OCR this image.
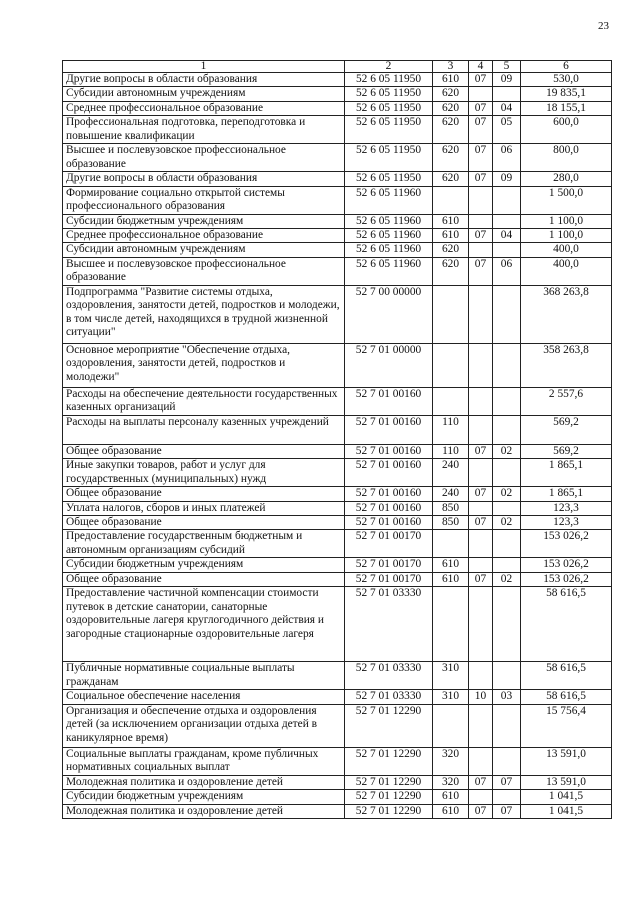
23
1	2	3	4	5	6
Другие вопросы в области образования	52 6 05 11950	610	07	09	530,0
Субсидии автономным учреждениям	52 6 05 11950	620			19 835,1
Среднее профессиональное образование	52 6 05 11950	620	07	04	18 155,1
Профессиональная подготовка, переподготовка и повышение квалификации	52 6 05 11950	620	07	05	600,0
Высшее и послевузовское профессиональное образование	52 6 05 11950	620	07	06	800,0
Другие вопросы в области образования	52 6 05 11950	620	07	09	280,0
Формирование социально открытой системы профессионального образования	52 6 05 11960				1 500,0
Субсидии бюджетным учреждениям	52 6 05 11960	610			1 100,0
Среднее профессиональное образование	52 6 05 11960	610	07	04	1 100,0
Субсидии автономным учреждениям	52 6 05 11960	620			400,0
Высшее и послевузовское профессиональное образование	52 6 05 11960	620	07	06	400,0
Подпрограмма "Развитие системы отдыха, оздоровления, занятости детей, подростков и молодежи, в том числе детей, находящихся в трудной жизненной ситуации"	52 7 00 00000				368 263,8
Основное мероприятие "Обеспечение отдыха, оздоровления, занятости детей, подростков и молодежи"	52 7 01 00000				358 263,8
Расходы на обеспечение деятельности государственных казенных организаций	52 7 01 00160				2 557,6
Расходы на выплаты персоналу казенных учреждений	52 7 01 00160	110			569,2
Общее образование	52 7 01 00160	110	07	02	569,2
Иные закупки товаров, работ и услуг для государственных (муниципальных) нужд	52 7 01 00160	240			1 865,1
Общее образование	52 7 01 00160	240	07	02	1 865,1
Уплата налогов, сборов и иных платежей	52 7 01 00160	850			123,3
Общее образование	52 7 01 00160	850	07	02	123,3
Предоставление государственным бюджетным и автономным организациям субсидий	52 7 01 00170				153 026,2
Субсидии бюджетным учреждениям	52 7 01 00170	610			153 026,2
Общее образование	52 7 01 00170	610	07	02	153 026,2
Предоставление частичной компенсации стоимости путевок в детские санатории, санаторные оздоровительные лагеря круглогодичного действия и загородные стационарные оздоровительные лагеря	52 7 01 03330				58 616,5
Публичные нормативные социальные выплаты гражданам	52 7 01 03330	310			58 616,5
Социальное обеспечение населения	52 7 01 03330	310	10	03	58 616,5
Организация и обеспечение отдыха и оздоровления детей (за исключением организации отдыха детей в каникулярное время)	52 7 01 12290				15 756,4
Социальные выплаты гражданам, кроме публичных нормативных социальных выплат	52 7 01 12290	320			13 591,0
Молодежная политика и оздоровление детей	52 7 01 12290	320	07	07	13 591,0
Субсидии бюджетным учреждениям	52 7 01 12290	610			1 041,5
Молодежная политика и оздоровление детей	52 7 01 12290	610	07	07	1 041,5
